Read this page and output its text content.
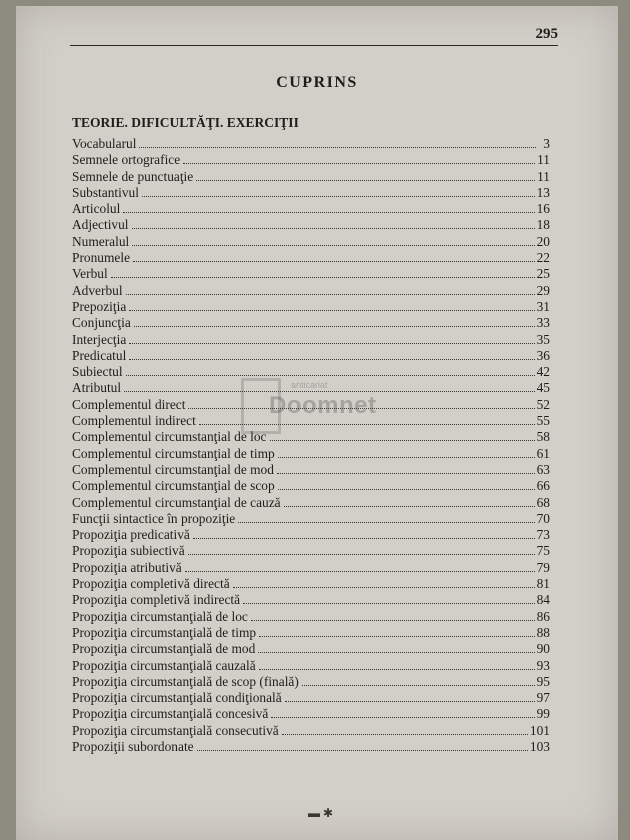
295
CUPRINS
TEORIE. DIFICULTĂŢI. EXERCIŢII
Vocabularul	3
Semnele ortografice	11
Semnele de punctuaţie	11
Substantivul	13
Articolul	16
Adjectivul	18
Numeralul	20
Pronumele	22
Verbul	25
Adverbul	29
Prepoziţia	31
Conjuncţia	33
Interjecţia	35
Predicatul	36
Subiectul	42
Atributul	45
Complementul direct	52
Complementul indirect	55
Complementul circumstanţial de loc	58
Complementul circumstanţial de timp	61
Complementul circumstanţial de mod	63
Complementul circumstanţial de scop	66
Complementul circumstanţial de cauză	68
Funcţii sintactice în propoziţie	70
Propoziţia predicativă	73
Propoziţia subiectivă	75
Propoziţia atributivă	79
Propoziţia completivă directă	81
Propoziţia completivă indirectă	84
Propoziţia circumstanţială de loc	86
Propoziţia circumstanţială de timp	88
Propoziţia circumstanţială de mod	90
Propoziţia circumstanţială cauzală	93
Propoziţia circumstanţială de scop (finală)	95
Propoziţia circumstanţială condiţională	97
Propoziţia circumstanţială concesivă	99
Propoziţia circumstanţială consecutivă	101
Propoziţii subordonate	103
anticariat
Doomnet
▬ ✱
